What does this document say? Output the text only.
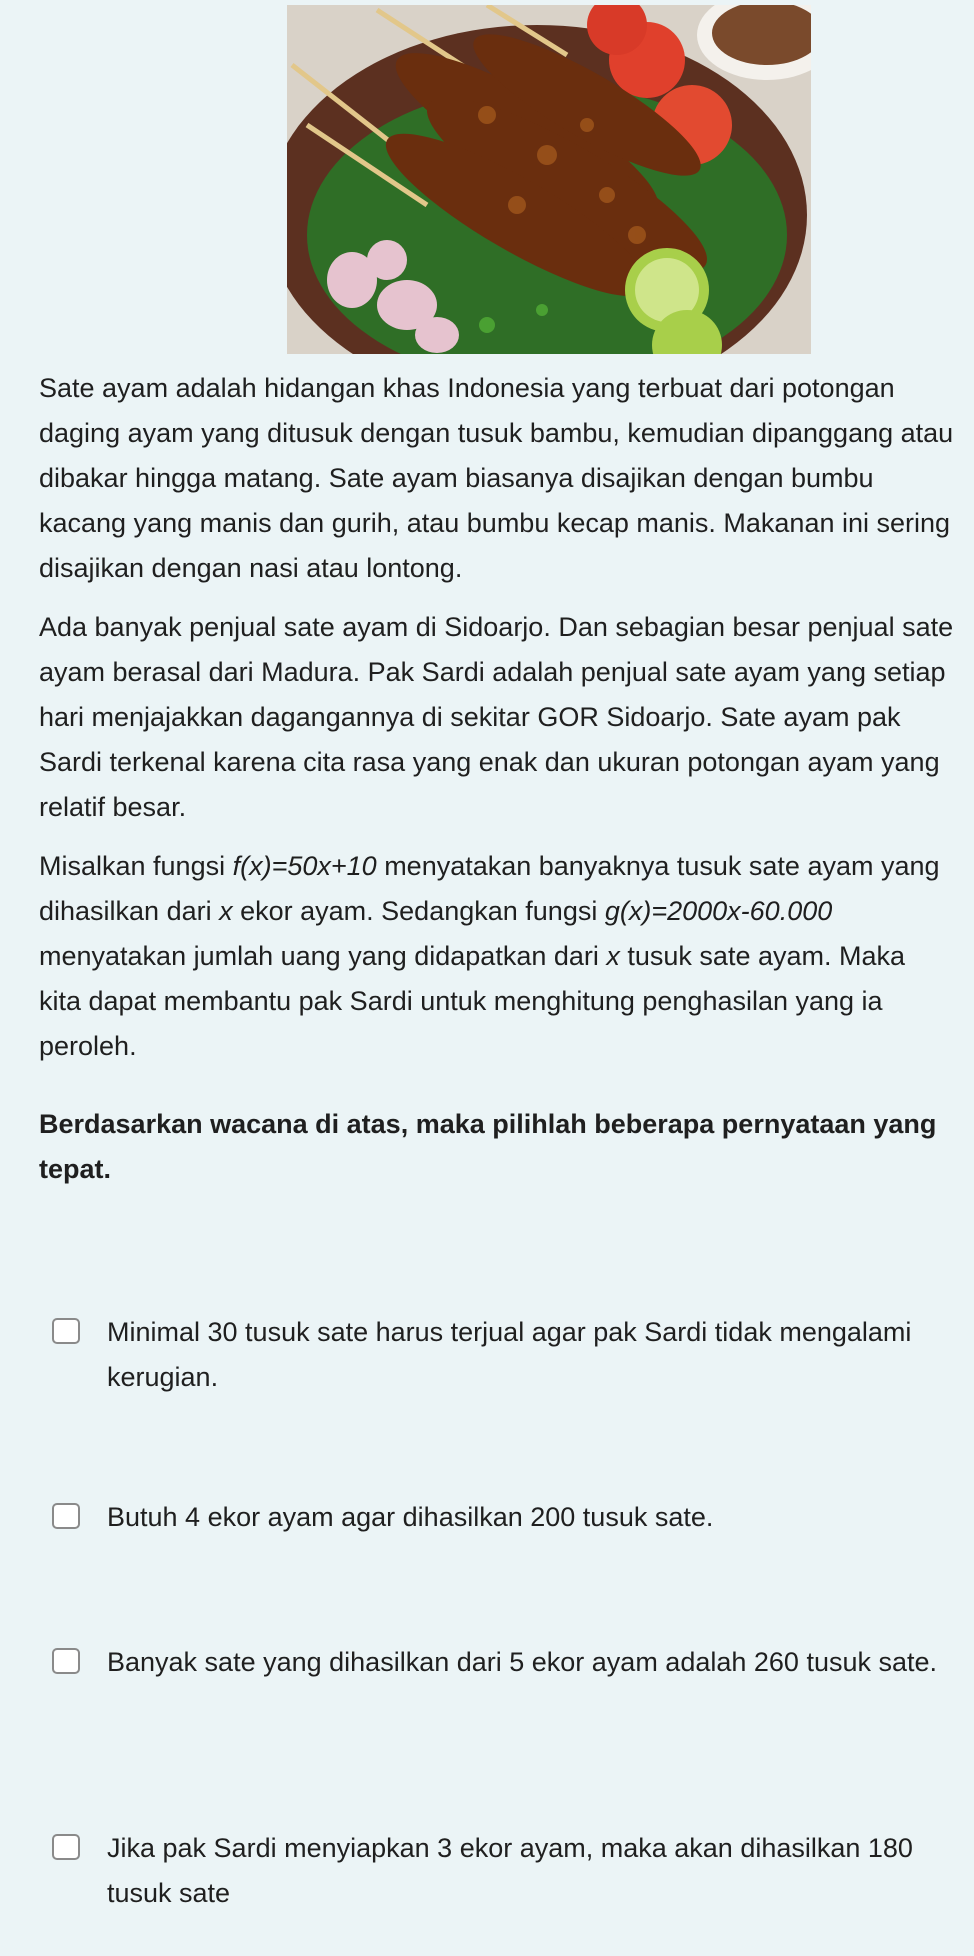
Sate ayam adalah hidangan khas Indonesia yang terbuat dari potongan daging ayam yang ditusuk dengan tusuk bambu, kemudian dipanggang atau dibakar hingga matang. Sate ayam biasanya disajikan dengan bumbu kacang yang manis dan gurih, atau bumbu kecap manis. Makanan ini sering disajikan dengan nasi atau lontong.

Ada banyak penjual sate ayam di Sidoarjo. Dan sebagian besar penjual sate ayam berasal dari Madura. Pak Sardi adalah penjual sate ayam yang setiap hari menjajakkan dagangannya di sekitar GOR Sidoarjo. Sate ayam pak Sardi terkenal karena cita rasa yang enak dan ukuran potongan ayam yang relatif besar.

Misalkan fungsi f(x)=50x+10 menyatakan banyaknya tusuk sate ayam yang dihasilkan dari x ekor ayam. Sedangkan fungsi g(x)=2000x-60.000 menyatakan jumlah uang yang didapatkan dari x tusuk sate ayam. Maka kita dapat membantu pak Sardi untuk menghitung penghasilan yang ia peroleh.

Berdasarkan wacana di atas, maka pilihlah beberapa pernyataan yang tepat.

Minimal 30 tusuk sate harus terjual agar pak Sardi tidak mengalami kerugian.
Butuh 4 ekor ayam agar dihasilkan 200 tusuk sate.
Banyak sate yang dihasilkan dari 5 ekor ayam adalah 260 tusuk sate.
Jika pak Sardi menyiapkan 3 ekor ayam, maka akan dihasilkan 180 tusuk sate
